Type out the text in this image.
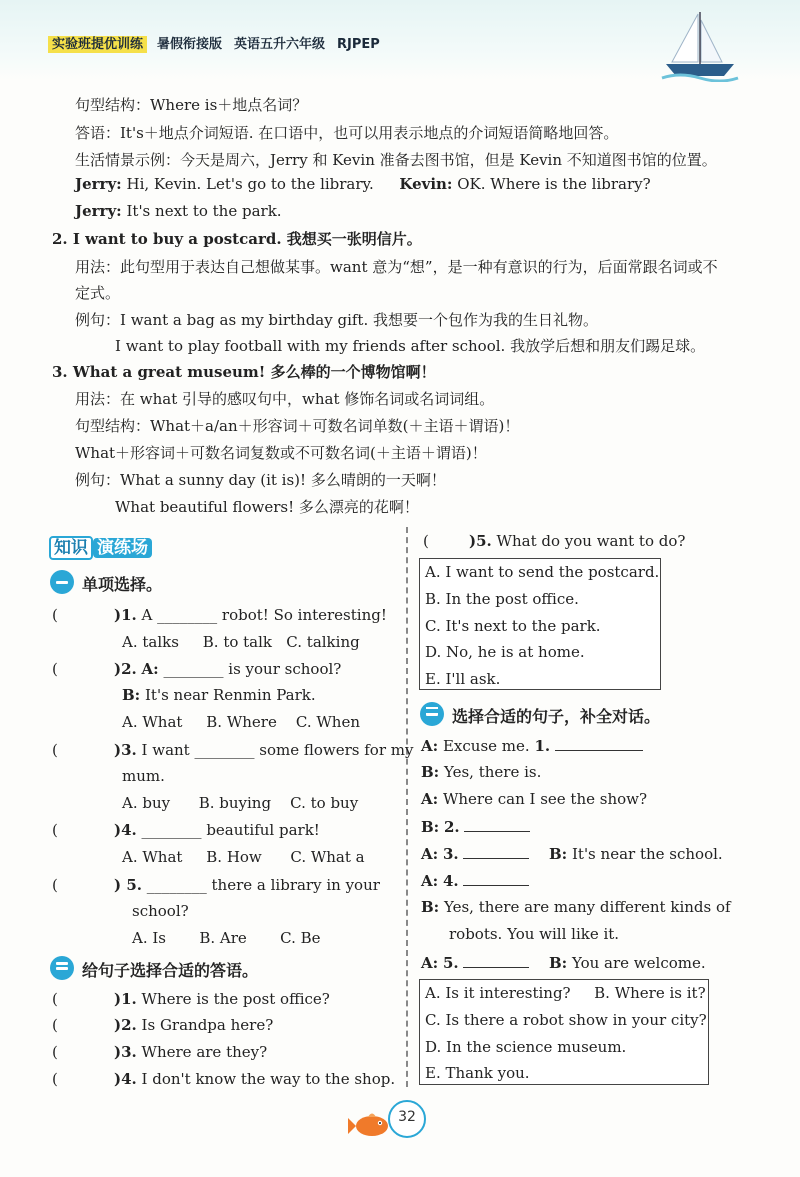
实验班提优训练 暑假衔接版 英语五升六年级 RJPEP
句型结构：Where is＋地点名词？
答语：It's＋地点介词短语. 在口语中，也可以用表示地点的介词短语简略地回答。
生活情景示例：今天是周六，Jerry 和 Kevin 准备去图书馆，但是 Kevin 不知道图书馆的位置。
Jerry: Hi, Kevin. Let's go to the library. Kevin: OK. Where is the library?
Jerry: It's next to the park.
2. I want to buy a postcard. 我想买一张明信片。
用法：此句型用于表达自己想做某事。want 意为“想”，是一种有意识的行为，后面常跟名词或不
定式。
例句：I want a bag as my birthday gift. 我想要一个包作为我的生日礼物。
I want to play football with my friends after school. 我放学后想和朋友们踢足球。
3. What a great museum! 多么棒的一个博物馆啊！
用法：在 what 引导的感叹句中，what 修饰名词或名词词组。
句型结构：What＋a/an＋形容词＋可数名词单数(＋主语＋谓语)！
What＋形容词＋可数名词复数或不可数名词(＋主语＋谓语)！
例句：What a sunny day (it is)! 多么晴朗的一天啊！
What beautiful flowers! 多么漂亮的花啊！
知识 演练场
单项选择。
(	)1. A ________ robot! So interesting!
A. talks     B. to talk   C. talking
(	)2. A: ________ is your school?
B: It's near Renmin Park.
A. What     B. Where    C. When
(	)3. I want ________ some flowers for my
mum.
A. buy      B. buying    C. to buy
(	)4. ________ beautiful park!
A. What     B. How      C. What a
(	) 5. ________ there a library in your
school?
A. Is       B. Are       C. Be
给句子选择合适的答语。
(	)1. Where is the post office?
(	)2. Is Grandpa here?
(	)3. Where are they?
(	)4. I don't know the way to the shop.
(	)5. What do you want to do?
A. I want to send the postcard.
B. In the post office.
C. It's next to the park.
D. No, he is at home.
E. I'll ask.
选择合适的句子，补全对话。
A: Excuse me. 1.
B: Yes, there is.
A: Where can I see the show?
B: 2.
A: 3.	B: It's near the school.
A: 4.
B: Yes, there are many different kinds of
robots. You will like it.
A: 5.	B: You are welcome.
A. Is it interesting? B. Where is it?
C. Is there a robot show in your city?
D. In the science museum.
E. Thank you.
32
